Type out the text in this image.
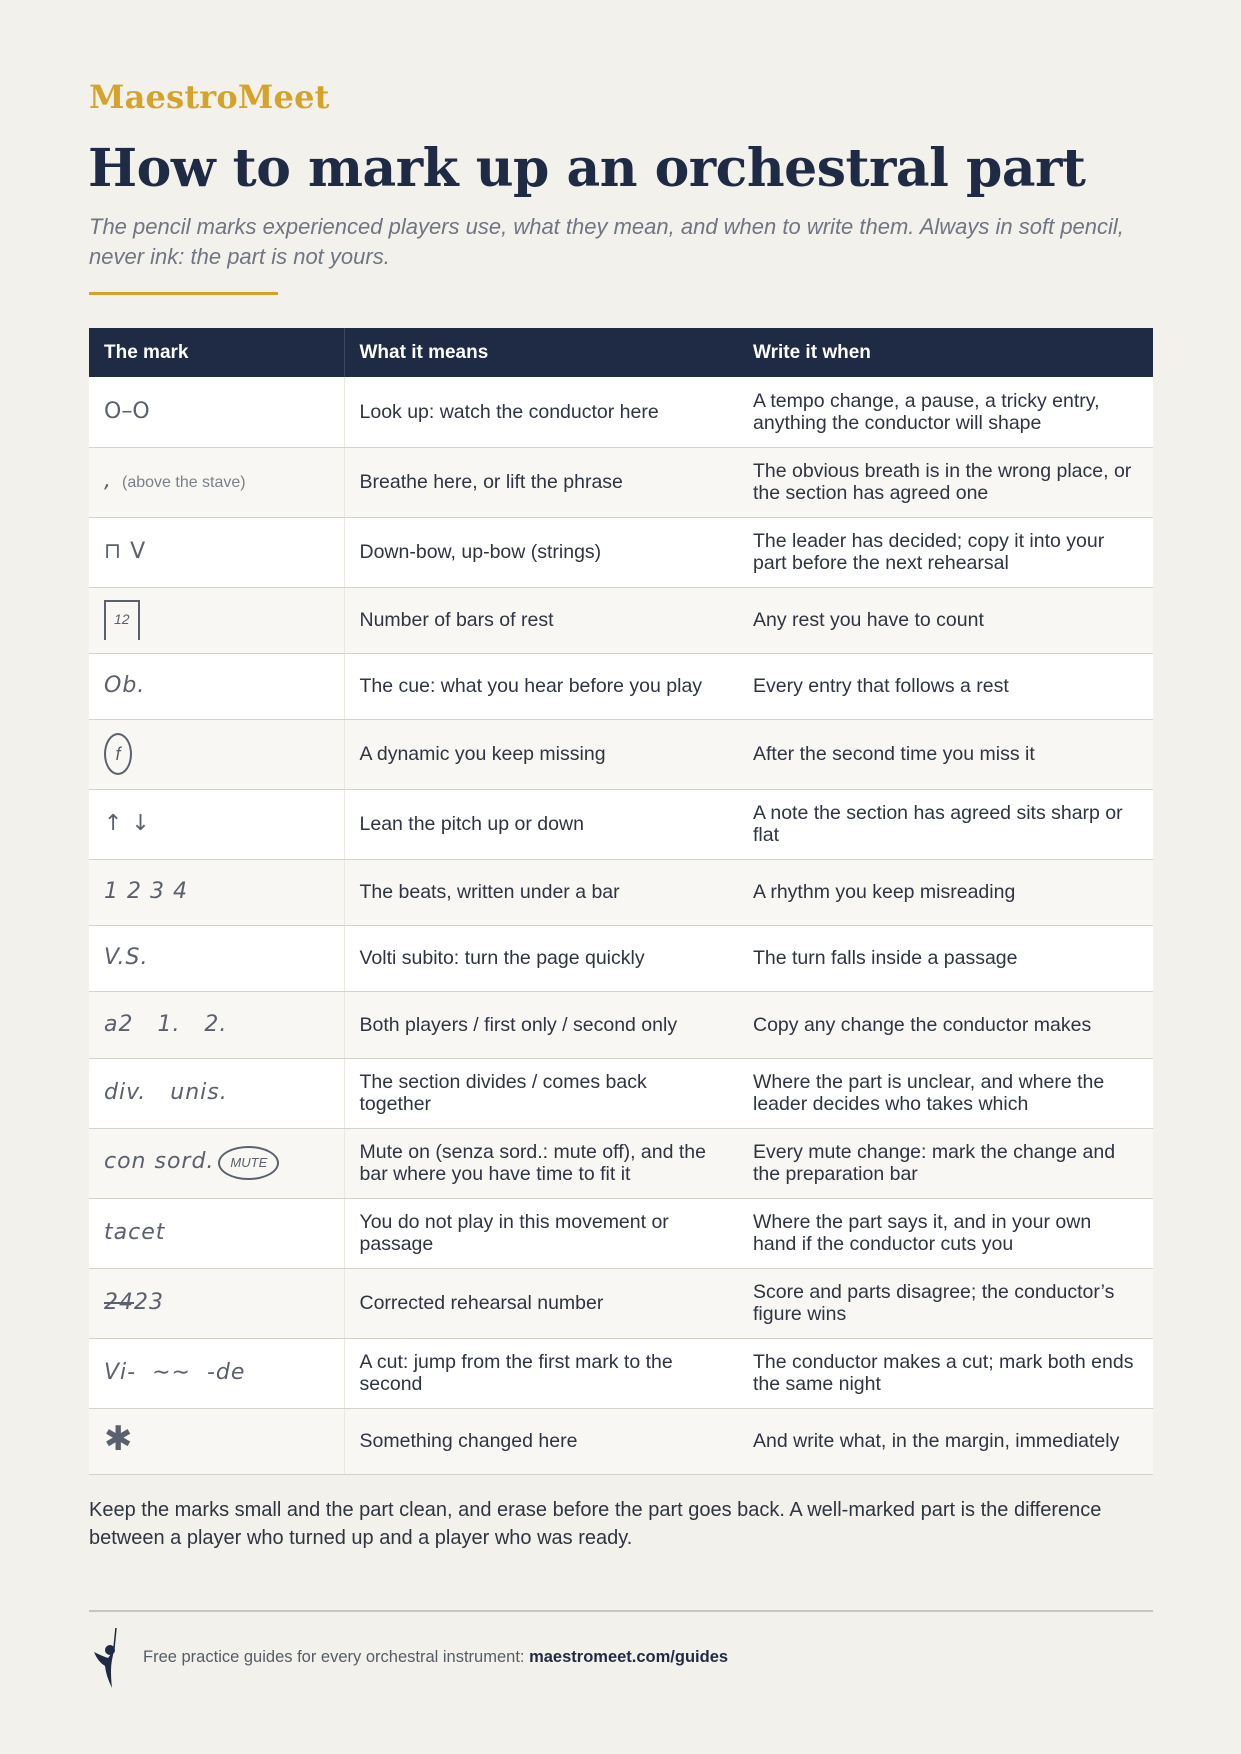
MaestroMeet
How to mark up an orchestral part

The pencil marks experienced players use, what they mean, and when to write them. Always in soft pencil, never ink: the part is not yours.

The mark	What it means	Write it when
O–O	Look up: watch the conductor here	A tempo change, a pause, a tricky entry, anything the conductor will shape
, (above the stave)	Breathe here, or lift the phrase	The obvious breath is in the wrong place, or the section has agreed one
⊓ V	Down-bow, up-bow (strings)	The leader has decided; copy it into your part before the next rehearsal
12	Number of bars of rest	Any rest you have to count
Ob.	The cue: what you hear before you play	Every entry that follows a rest
f	A dynamic you keep missing	After the second time you miss it
↑ ↓	Lean the pitch up or down	A note the section has agreed sits sharp or flat
1 2 3 4	The beats, written under a bar	A rhythm you keep misreading
V.S.	Volti subito: turn the page quickly	The turn falls inside a passage
a2   1.   2.	Both players / first only / second only	Copy any change the conductor makes
div.   unis.	The section divides / comes back together	Where the part is unclear, and where the leader decides who takes which
con sord. MUTE	Mute on (senza sord.: mute off), and the bar where you have time to fit it	Every mute change: mark the change and the preparation bar
tacet	You do not play in this movement or passage	Where the part says it, and in your own hand if the conductor cuts you
2423	Corrected rehearsal number	Score and parts disagree; the conductor’s figure wins
Vi-  ∼∼  -de	A cut: jump from the first mark to the second	The conductor makes a cut; mark both ends the same night
✱	Something changed here	And write what, in the margin, immediately

Keep the marks small and the part clean, and erase before the part goes back. A well-marked part is the difference between a player who turned up and a player who was ready.

Free practice guides for every orchestral instrument: maestromeet.com/guides
